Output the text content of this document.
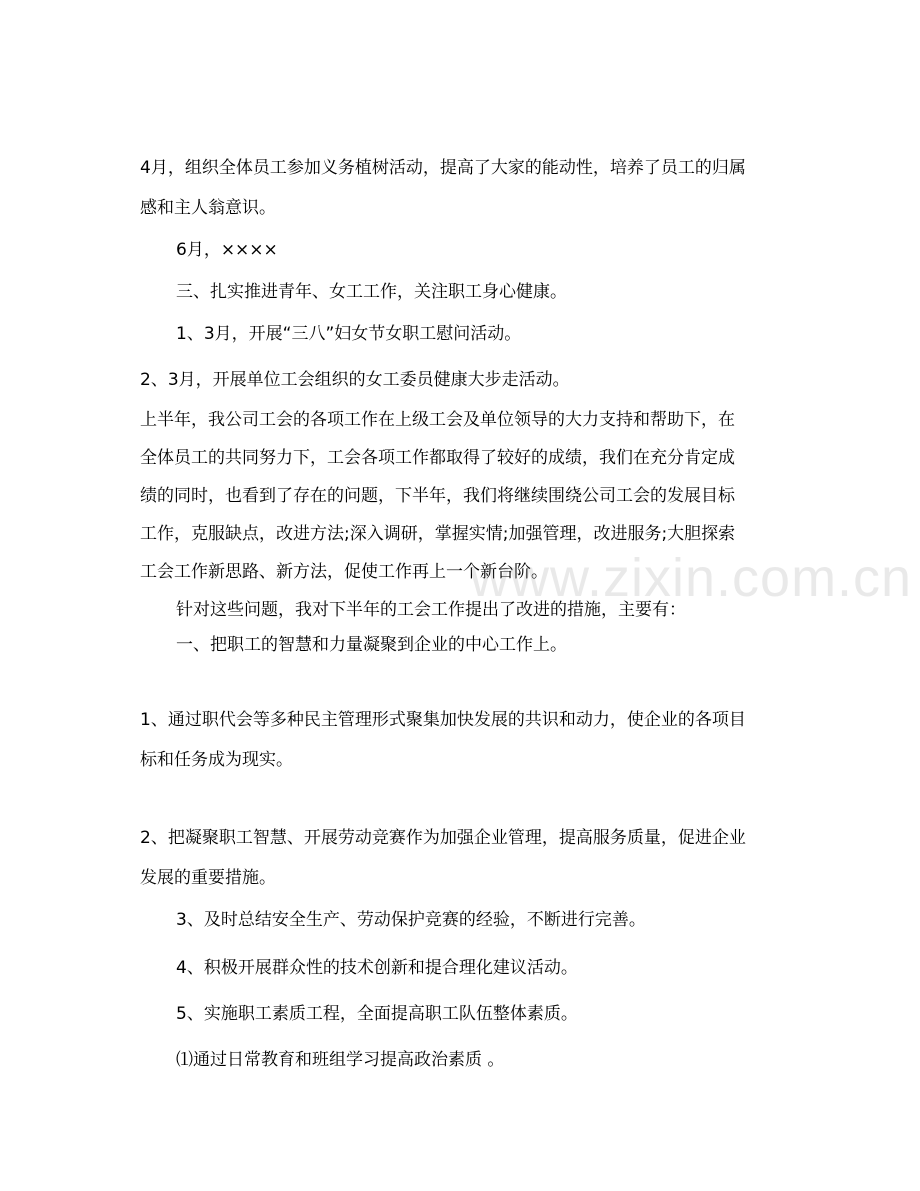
4月，组织全体员工参加义务植树活动，提高了大家的能动性，培养了员工的归属
感和主人翁意识。
6月，××××
三、扎实推进青年、女工工作，关注职工身心健康。
1、3月，开展“三八”妇女节女职工慰问活动。
2、3月，开展单位工会组织的女工委员健康大步走活动。
上半年，我公司工会的各项工作在上级工会及单位领导的大力支持和帮助下，在
全体员工的共同努力下，工会各项工作都取得了较好的成绩，我们在充分肯定成
绩的同时，也看到了存在的问题，下半年，我们将继续围绕公司工会的发展目标
工作，克服缺点，改进方法;深入调研，掌握实情;加强管理，改进服务;大胆探索
工会工作新思路、新方法，促使工作再上一个新台阶。
针对这些问题，我对下半年的工会工作提出了改进的措施，主要有：
一、把职工的智慧和力量凝聚到企业的中心工作上。
1、通过职代会等多种民主管理形式聚集加快发展的共识和动力，使企业的各项目
标和任务成为现实。
2、把凝聚职工智慧、开展劳动竞赛作为加强企业管理，提高服务质量，促进企业
发展的重要措施。
3、及时总结安全生产、劳动保护竞赛的经验，不断进行完善。
4、积极开展群众性的技术创新和提合理化建议活动。
5、实施职工素质工程，全面提高职工队伍整体素质。
⑴通过日常教育和班组学习提高政治素质 。
www.zixin.com.cn
